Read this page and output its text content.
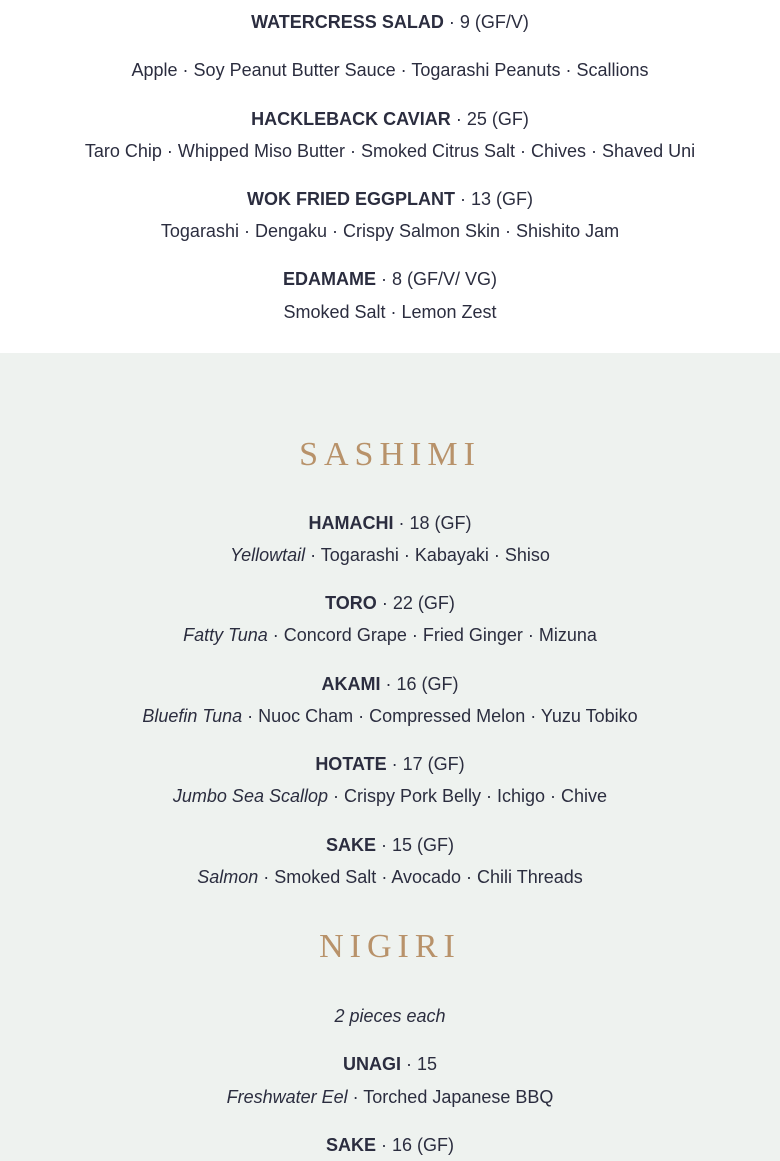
WATERCRESS SALAD · 9 (GF/V)
Apple · Soy Peanut Butter Sauce · Togarashi Peanuts · Scallions
HACKLEBACK CAVIAR · 25 (GF)
Taro Chip · Whipped Miso Butter · Smoked Citrus Salt · Chives · Shaved Uni
WOK FRIED EGGPLANT · 13 (GF)
Togarashi · Dengaku · Crispy Salmon Skin · Shishito Jam
EDAMAME · 8 (GF/V/ VG)
Smoked Salt · Lemon Zest
SASHIMI
HAMACHI · 18 (GF)
Yellowtail · Togarashi · Kabayaki · Shiso
TORO · 22 (GF)
Fatty Tuna · Concord Grape · Fried Ginger · Mizuna
AKAMI · 16 (GF)
Bluefin Tuna · Nuoc Cham · Compressed Melon · Yuzu Tobiko
HOTATE · 17 (GF)
Jumbo Sea Scallop · Crispy Pork Belly · Ichigo · Chive
SAKE · 15 (GF)
Salmon · Smoked Salt · Avocado · Chili Threads
NIGIRI
2 pieces each
UNAGI · 15
Freshwater Eel · Torched Japanese BBQ
SAKE · 16 (GF)
